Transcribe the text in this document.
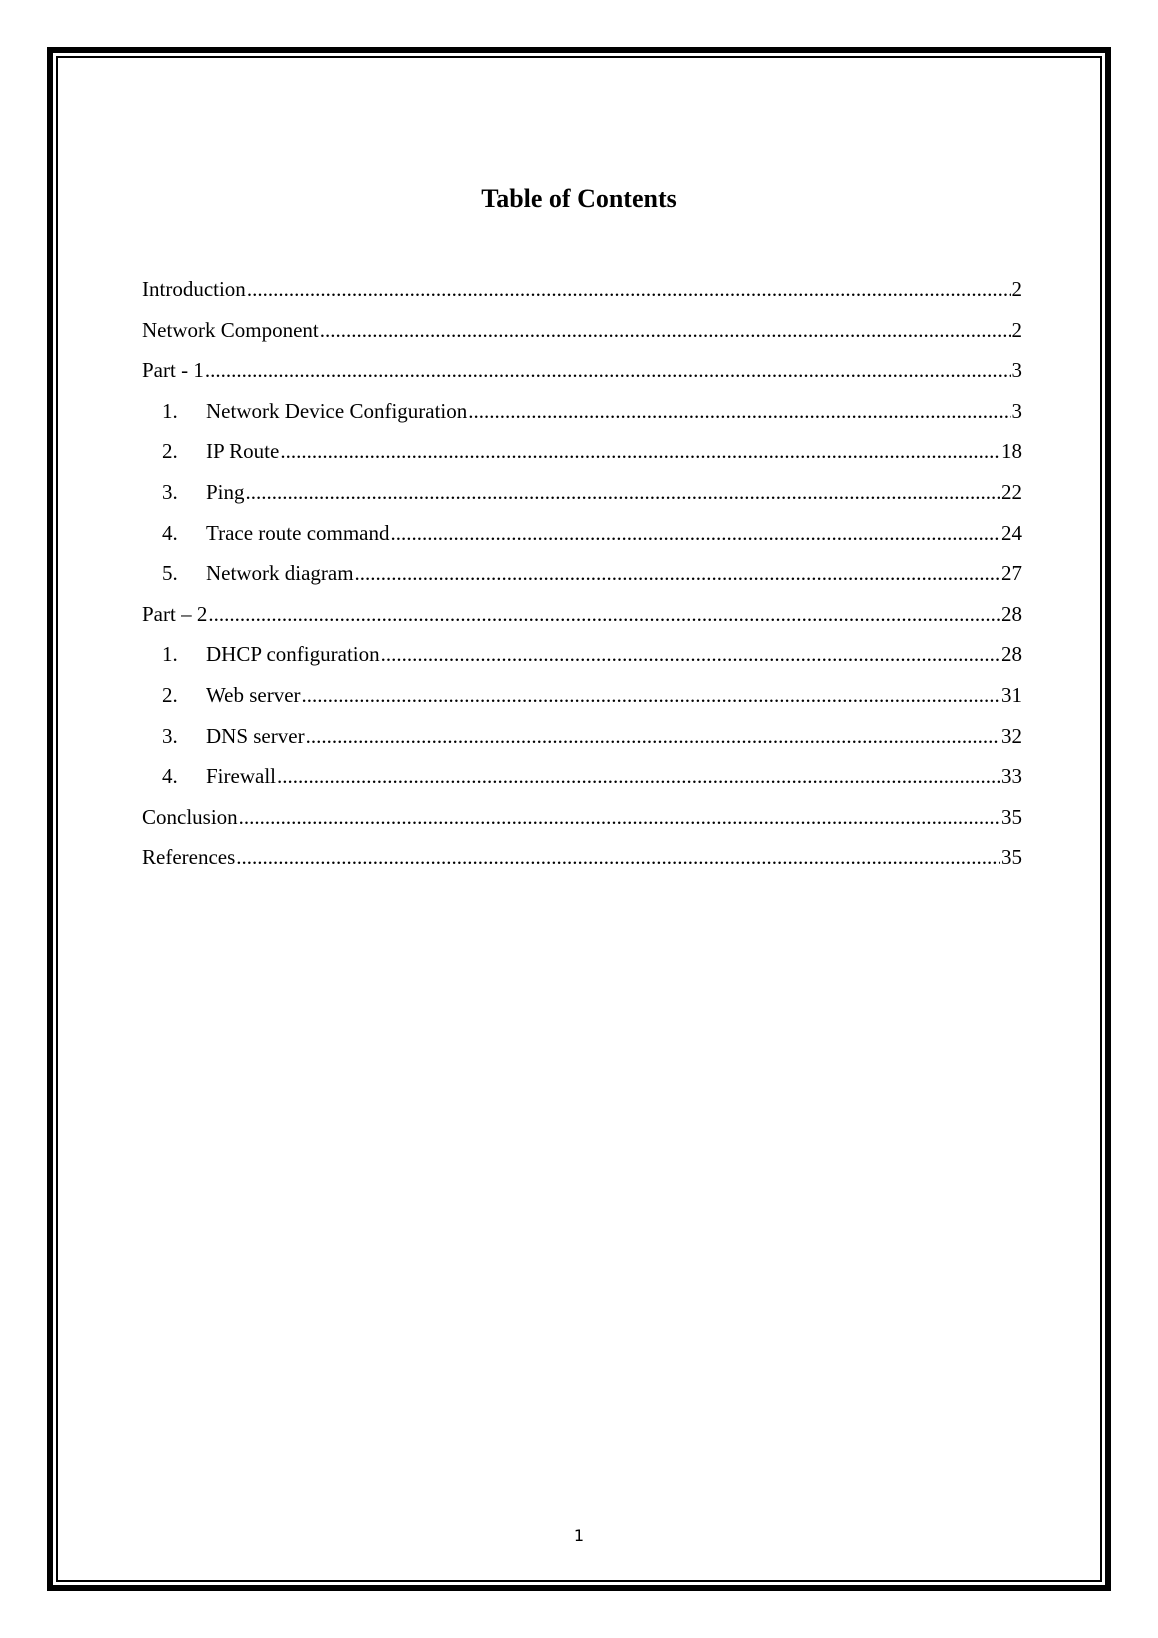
Table of Contents
Introduction .....	2
Network Component .....	2
Part - 1 .....	3
1.	Network Device Configuration .....	3
2.	IP Route .....	18
3.	Ping .....	22
4.	Trace route command .....	24
5.	Network diagram .....	27
Part – 2 .....	28
1.	DHCP configuration .....	28
2.	Web server .....	31
3.	DNS server .....	32
4.	Firewall .....	33
Conclusion .....	35
References .....	35
1
